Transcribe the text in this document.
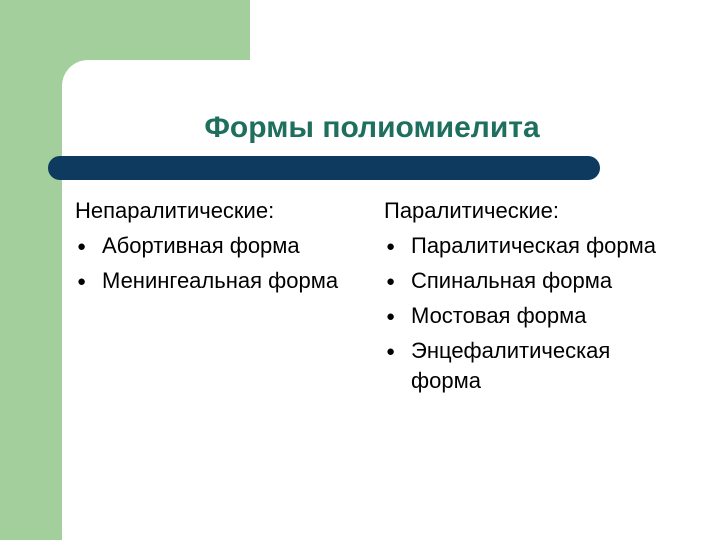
Формы полиомиелита
Непаралитические:
● Абортивная форма
● Менингеальная форма
Паралитические:
● Паралитическая форма
● Спинальная форма
● Мостовая форма
● Энцефалитическая форма
